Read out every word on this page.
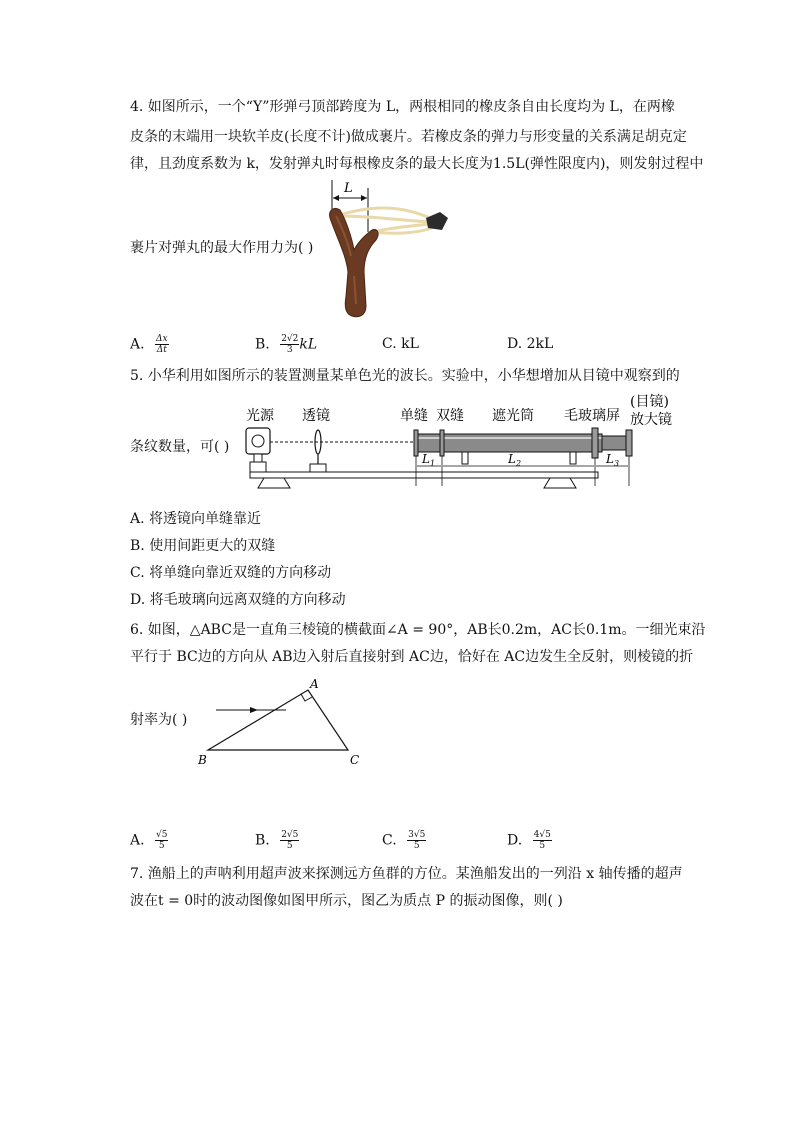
4. 如图所示，一个“Y”形弹弓顶部跨度为 L，两根相同的橡皮条自由长度均为 L，在两橡
皮条的末端用一块软羊皮(长度不计)做成裹片。若橡皮条的弹力与形变量的关系满足胡克定
律，且劲度系数为 k，发射弹丸时每根橡皮条的最大长度为1.5L(弹性限度内)，则发射过程中
裹片对弹丸的最大作用力为( )
L
A. $\frac{\Delta x}{\Delta t}$	B. $\frac{2√2}{3}$ kL	C. kL	D. 2kL
5. 小华利用如图所示的装置测量某单色光的波长。实验中，小华想增加从目镜中观察到的
条纹数量，可( )
光源 透镜	单缝 双缝 遮光筒 毛玻璃屏
(目镜)
放大镜
$L_1$	$L_2$	$L_3$
A. 将透镜向单缝靠近
B. 使用间距更大的双缝
C. 将单缝向靠近双缝的方向移动
D. 将毛玻璃向远离双缝的方向移动
6. 如图，△ABC是一直角三棱镜的横截面∠A = 90°，AB长0.2m，AC长0.1m。一细光束沿
平行于 BC边的方向从 AB边入射后直接射到 AC边，恰好在 AC边发生全反射，则棱镜的折
射率为( )
A
B	C
A. $\frac{√5}{5}$	B. $\frac{2√5}{5}$	C. $\frac{3√5}{5}$	D. $\frac{4√5}{5}$
7. 渔船上的声呐利用超声波来探测远方鱼群的方位。某渔船发出的一列沿 x 轴传播的超声
波在t = 0时的波动图像如图甲所示，图乙为质点 P 的振动图像，则( )
